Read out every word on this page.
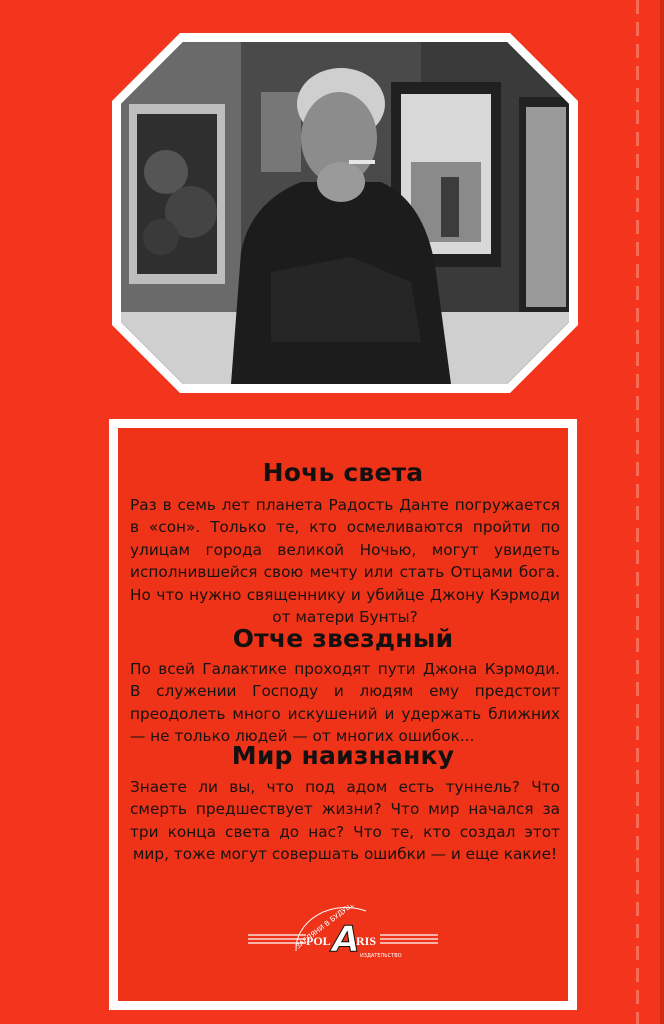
Ночь света
Раз в семь лет планета Радость Данте погружается в «сон». Только те, кто осмеливаются пройти по улицам города великой Ночью, могут увидеть исполнившейся свою мечту или стать Отцами бога. Но что нужно священнику и убийце Джону Кэрмоди от матери Бунты?
Отче звездный
По всей Галактике проходят пути Джона Кэрмоди. В служении Господу и людям ему предстоит преодолеть много искушений и удержать ближних — не только людей — от многих ошибок...
Мир наизнанку
Знаете ли вы, что под адом есть туннель? Что смерть предшествует жизни? Что мир начался за три конца света до нас? Что те, кто создал этот мир, тоже могут совершать ошибки — и еще какие!
POL A
RIS
ИЗДАТЕЛЬСТВО
